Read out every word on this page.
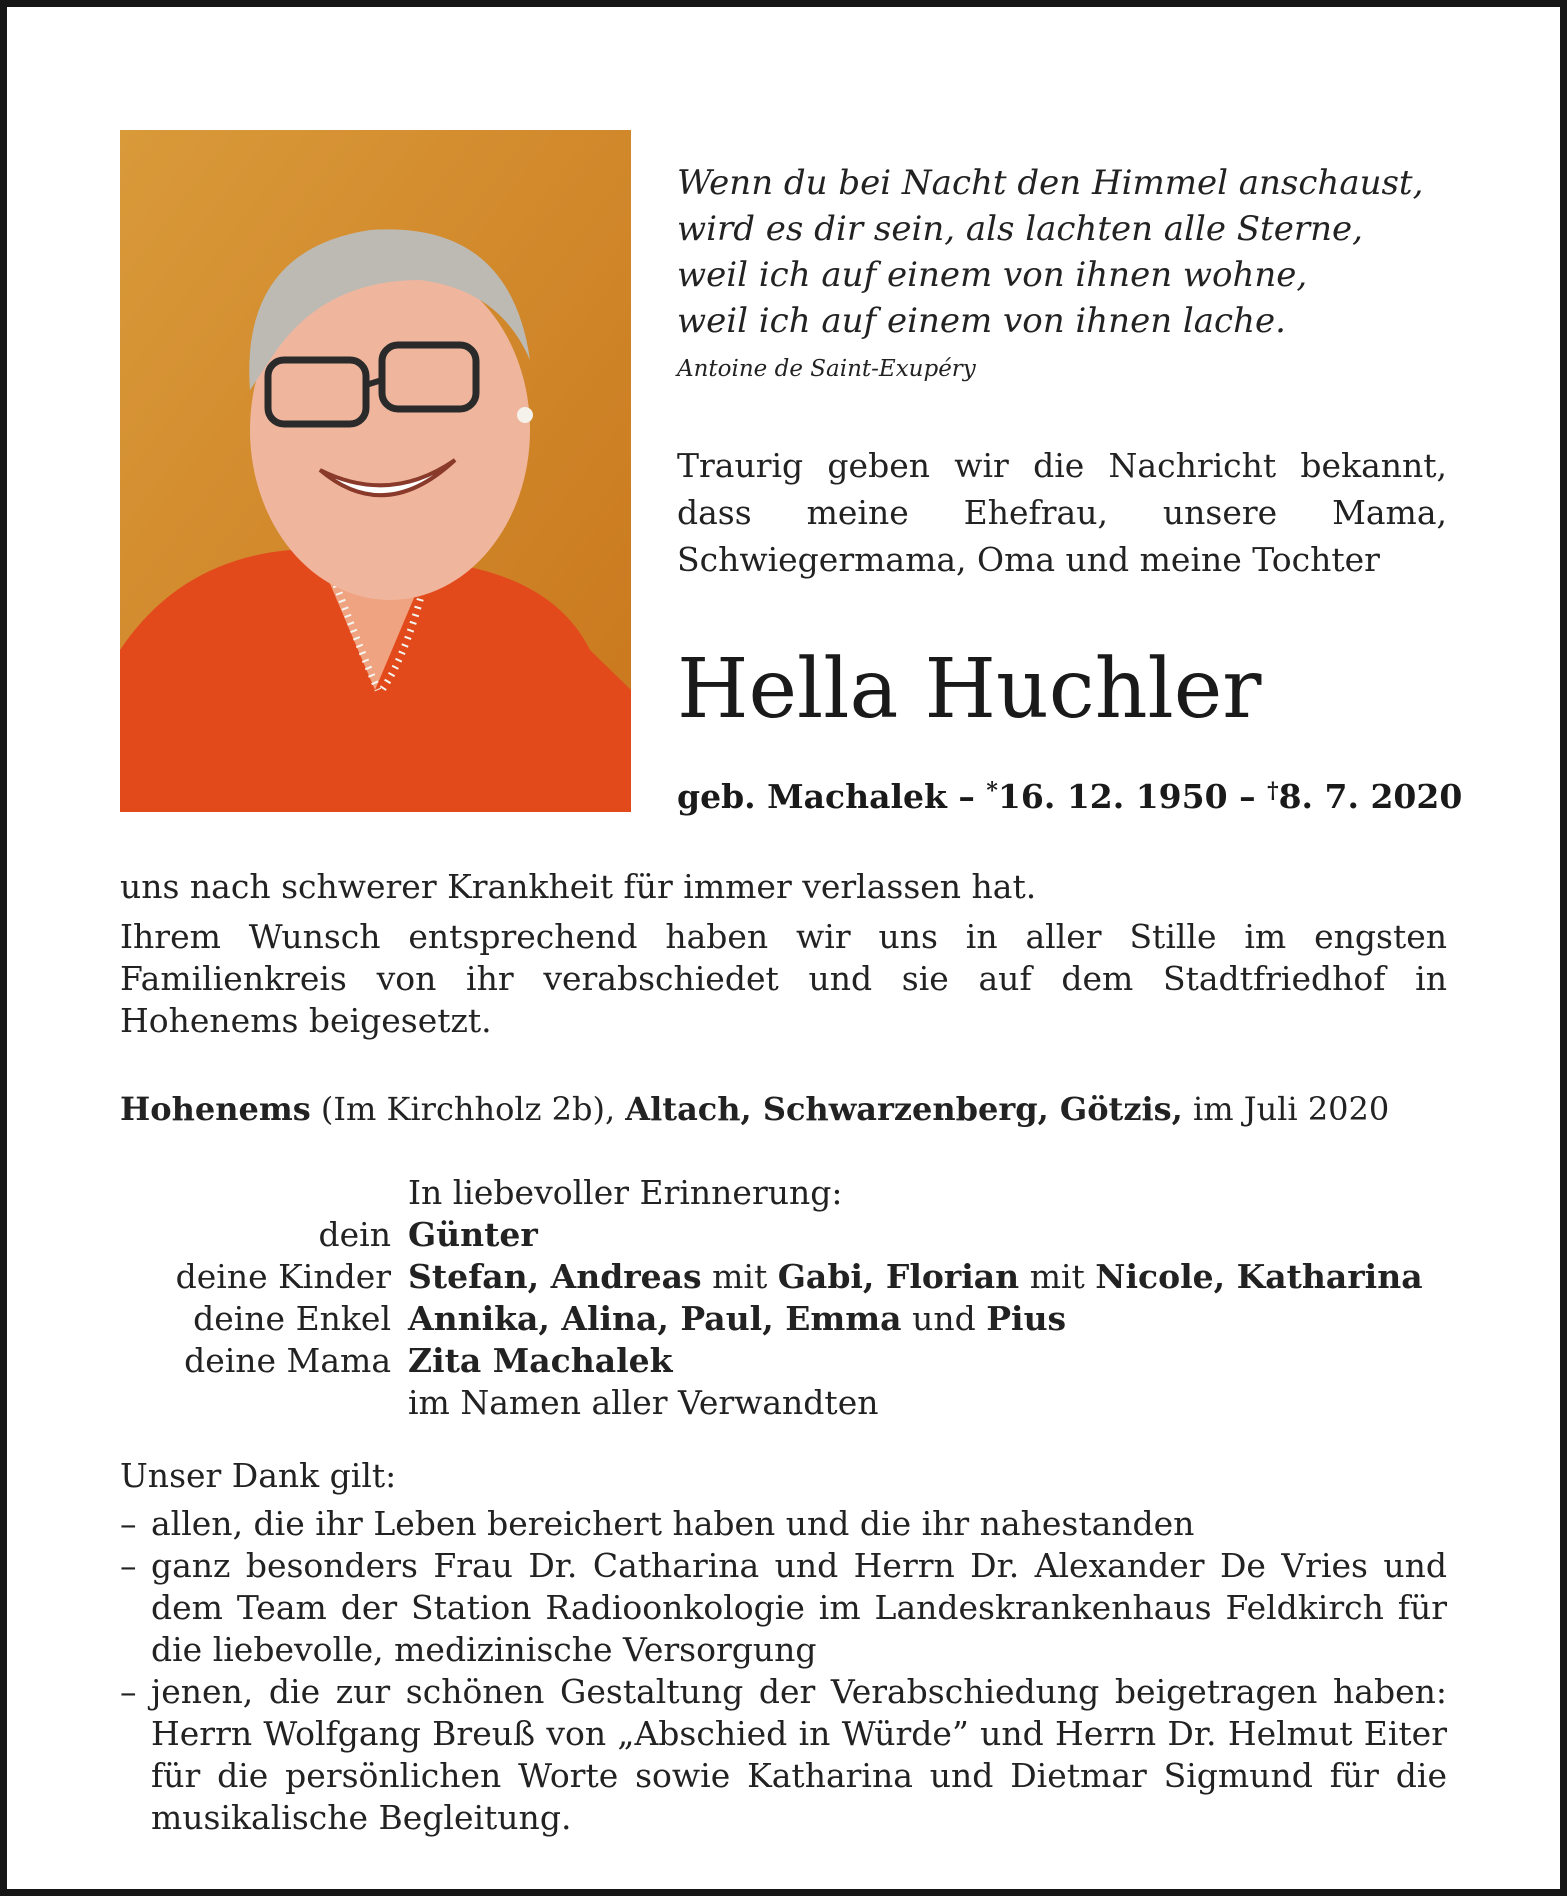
Wenn du bei Nacht den Himmel anschaust,
wird es dir sein, als lachten alle Sterne,
weil ich auf einem von ihnen wohne,
weil ich auf einem von ihnen lache.
Antoine de Saint-Exupéry
Traurig geben wir die Nachricht bekannt, dass meine Ehefrau, unsere Mama, Schwiegermama, Oma und meine Tochter
Hella Huchler
geb. Machalek – *16. 12. 1950 – †8. 7. 2020
uns nach schwerer Krankheit für immer verlassen hat.
Ihrem Wunsch entsprechend haben wir uns in aller Stille im engsten Familienkreis von ihr verabschiedet und sie auf dem Stadtfriedhof in Hohenems beigesetzt.
Hohenems (Im Kirchholz 2b), Altach, Schwarzenberg, Götzis, im Juli 2020
In liebevoller Erinnerung:
dein Günter
deine Kinder Stefan, Andreas mit Gabi, Florian mit Nicole, Katharina
deine Enkel Annika, Alina, Paul, Emma und Pius
deine Mama Zita Machalek
im Namen aller Verwandten
Unser Dank gilt:
– allen, die ihr Leben bereichert haben und die ihr nahestanden
– ganz besonders Frau Dr. Catharina und Herrn Dr. Alexander De Vries und dem Team der Station Radioonkologie im Landeskrankenhaus Feldkirch für die liebevolle, medizinische Versorgung
– jenen, die zur schönen Gestaltung der Verabschiedung beigetragen haben: Herrn Wolfgang Breuß von „Abschied in Würde” und Herrn Dr. Helmut Eiter für die persönlichen Worte sowie Katharina und Dietmar Sigmund für die musikalische Begleitung.
